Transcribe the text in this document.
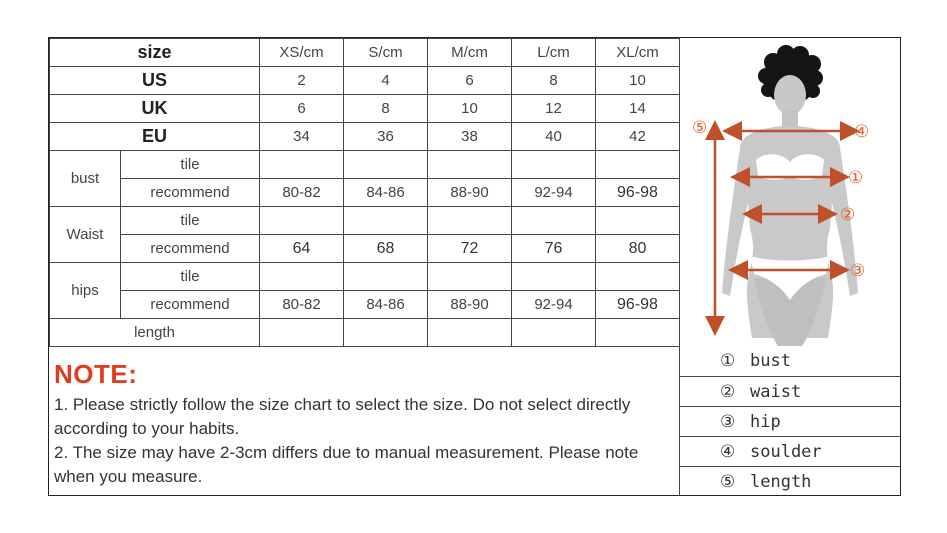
size		XS/cm	S/cm	M/cm	L/cm	XL/cm
US		2	4	6	8	10
UK		6	8	10	12	14
EU		34	36	38	40	42
bust	tile					
	recommend	80-82	84-86	88-90	92-94	96-98
Waist	tile					
	recommend	64	68	72	76	80
hips	tile					
	recommend	80-82	84-86	88-90	92-94	96-98
length						
⑤	④
①
②
③
NOTE:

1. Please strictly follow the size chart to select the size. Do not select directly according to your habits.

2. The size may have 2-3cm differs due to manual measurement. Please note when you measure.

① bust
② waist
③ hip
④ soulder
⑤ length
